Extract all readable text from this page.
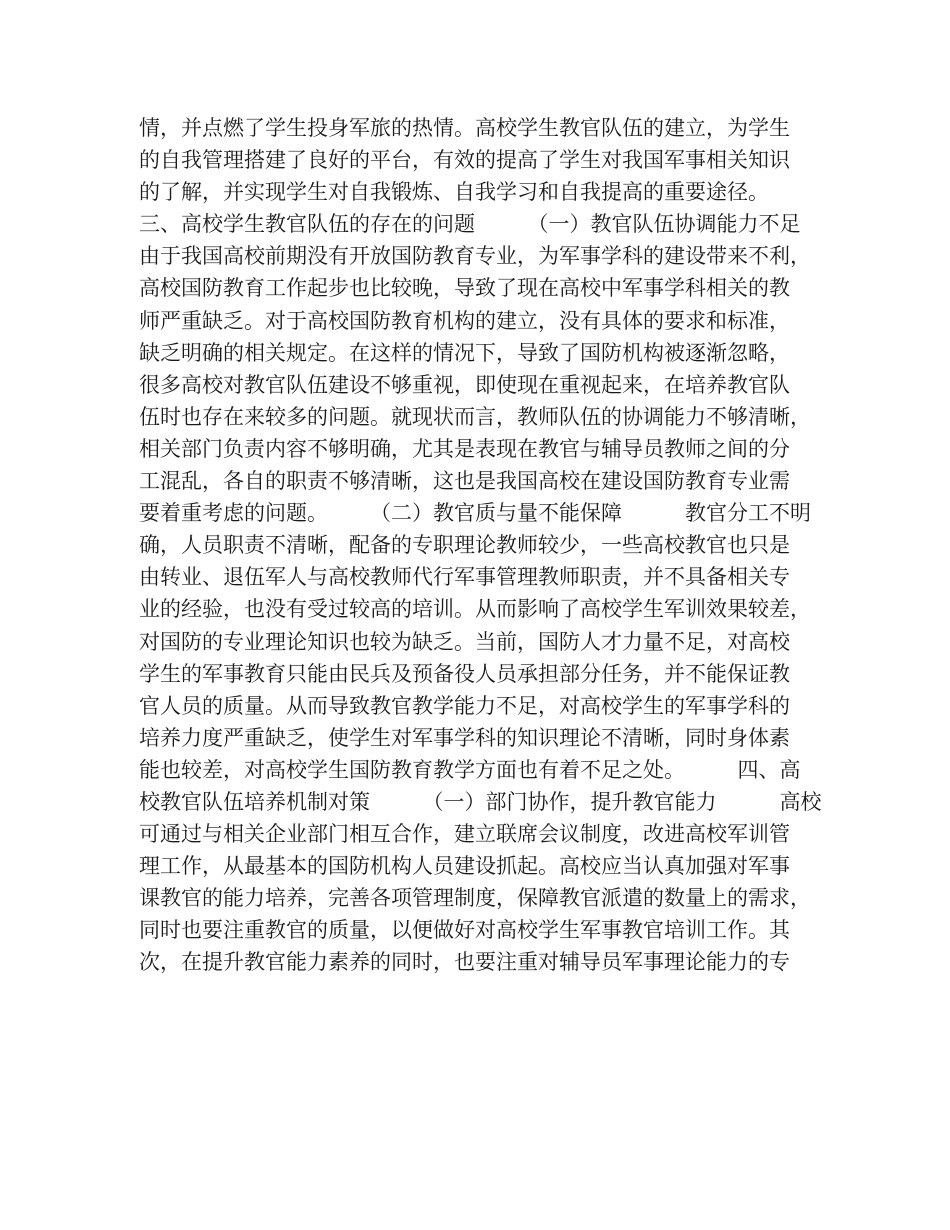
情，并点燃了学生投身军旅的热情。高校学生教官队伍的建立，为学生
的自我管理搭建了良好的平台，有效的提高了学生对我国军事相关知识
的了解，并实现学生对自我锻炼、自我学习和自我提高的重要途径。
三、高校学生教官队伍的存在的问题　　　（一）教官队伍协调能力不足
由于我国高校前期没有开放国防教育专业，为军事学科的建设带来不利，
高校国防教育工作起步也比较晚，导致了现在高校中军事学科相关的教
师严重缺乏。对于高校国防教育机构的建立，没有具体的要求和标准，
缺乏明确的相关规定。在这样的情况下，导致了国防机构被逐渐忽略，
很多高校对教官队伍建设不够重视，即使现在重视起来，在培养教官队
伍时也存在来较多的问题。就现状而言，教师队伍的协调能力不够清晰，
相关部门负责内容不够明确，尤其是表现在教官与辅导员教师之间的分
工混乱，各自的职责不够清晰，这也是我国高校在建设国防教育专业需
要着重考虑的问题。　　　（二）教官质与量不能保障　　　教官分工不明
确，人员职责不清晰，配备的专职理论教师较少，一些高校教官也只是
由转业、退伍军人与高校教师代行军事管理教师职责，并不具备相关专
业的经验，也没有受过较高的培训。从而影响了高校学生军训效果较差，
对国防的专业理论知识也较为缺乏。当前，国防人才力量不足，对高校
学生的军事教育只能由民兵及预备役人员承担部分任务，并不能保证教
官人员的质量。从而导致教官教学能力不足，对高校学生的军事学科的
培养力度严重缺乏，使学生对军事学科的知识理论不清晰，同时身体素
能也较差，对高校学生国防教育教学方面也有着不足之处。　　　四、高
校教官队伍培养机制对策　　　（一）部门协作，提升教官能力　　　高校
可通过与相关企业部门相互合作，建立联席会议制度，改进高校军训管
理工作，从最基本的国防机构人员建设抓起。高校应当认真加强对军事
课教官的能力培养，完善各项管理制度，保障教官派遣的数量上的需求，
同时也要注重教官的质量，以便做好对高校学生军事教官培训工作。其
次，在提升教官能力素养的同时，也要注重对辅导员军事理论能力的专
